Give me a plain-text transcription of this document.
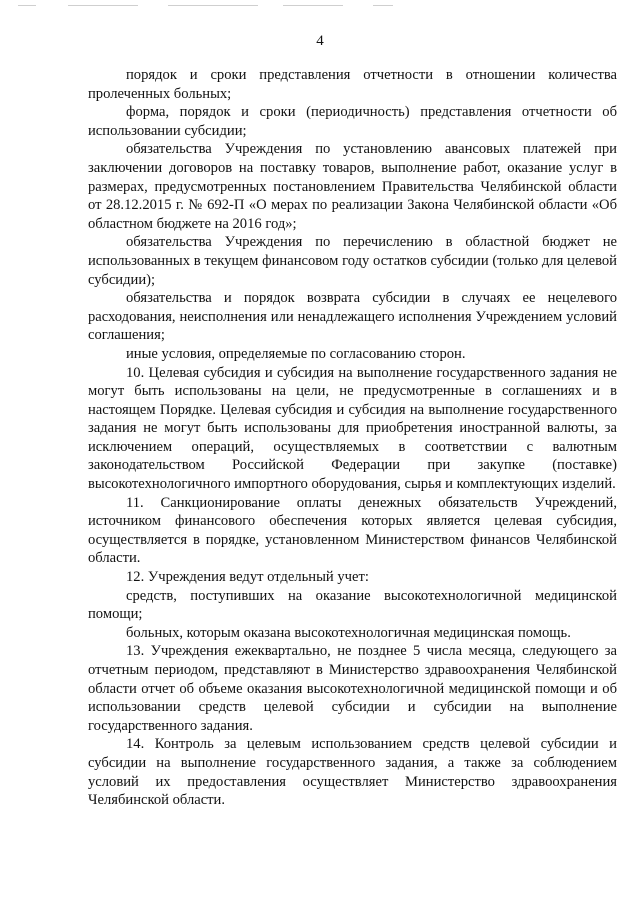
4

порядок и сроки представления отчетности в отношении количества пролеченных больных;

форма, порядок и сроки (периодичность) представления отчетности об использовании субсидии;

обязательства Учреждения по установлению авансовых платежей при заключении договоров на поставку товаров, выполнение работ, оказание услуг в размерах, предусмотренных постановлением Правительства Челябинской области от 28.12.2015 г. № 692-П «О мерах по реализации Закона Челябинской области «Об областном бюджете на 2016 год»;

обязательства Учреждения по перечислению в областной бюджет не использованных в текущем финансовом году остатков субсидии (только для целевой субсидии);

обязательства и порядок возврата субсидии в случаях ее нецелевого расходования, неисполнения или ненадлежащего исполнения Учреждением условий соглашения;

иные условия, определяемые по согласованию сторон.

10. Целевая субсидия и субсидия на выполнение государственного задания не могут быть использованы на цели, не предусмотренные в соглашениях и в настоящем Порядке. Целевая субсидия и субсидия на выполнение государственного задания не могут быть использованы для приобретения иностранной валюты, за исключением операций, осуществляемых в соответствии с валютным законодательством Российской Федерации при закупке (поставке) высокотехнологичного импортного оборудования, сырья и комплектующих изделий.

11. Санкционирование оплаты денежных обязательств Учреждений, источником финансового обеспечения которых является целевая субсидия, осуществляется в порядке, установленном Министерством финансов Челябинской области.

12. Учреждения ведут отдельный учет:

средств, поступивших на оказание высокотехнологичной медицинской помощи;

больных, которым оказана высокотехнологичная медицинская помощь.

13. Учреждения ежеквартально, не позднее 5 числа месяца, следующего за отчетным периодом, представляют в Министерство здравоохранения Челябинской области отчет об объеме оказания высокотехнологичной медицинской помощи и об использовании средств целевой субсидии и субсидии на выполнение государственного задания.

14. Контроль за целевым использованием средств целевой субсидии и субсидии на выполнение государственного задания, а также за соблюдением условий их предоставления осуществляет Министерство здравоохранения Челябинской области.
